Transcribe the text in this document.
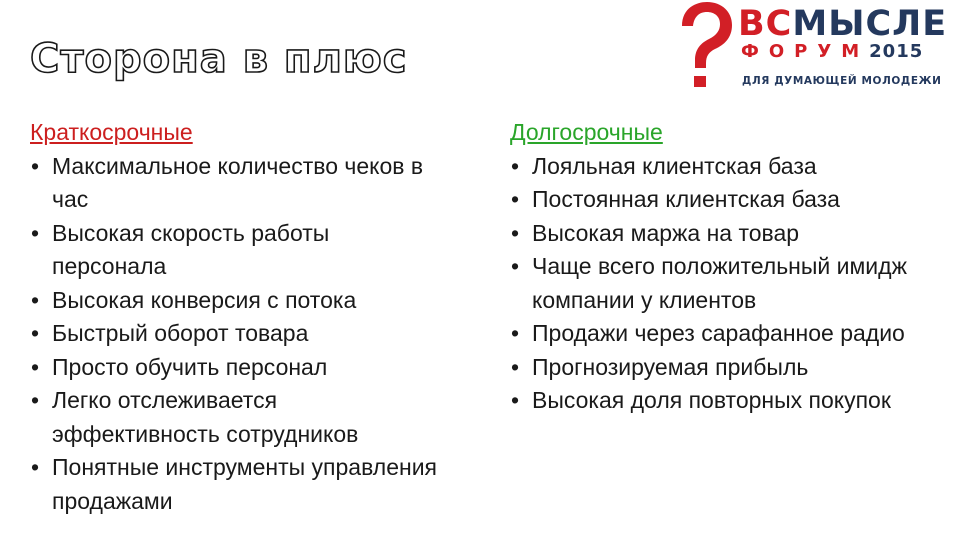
Сторона в плюс
ВСМЫСЛЕ
ФОРУМ2015
ДЛЯ ДУМАЮЩЕЙ МОЛОДЕЖИ
Краткосрочные
• Максимальное количество чеков в час
• Высокая скорость работы персонала
• Высокая конверсия с потока
• Быстрый оборот товара
• Просто обучить персонал
• Легко отслеживается эффективность сотрудников
• Понятные инструменты управления продажами
Долгосрочные
• Лояльная клиентская база
• Постоянная клиентская база
• Высокая маржа на товар
• Чаще всего положительный имидж компании у клиентов
• Продажи через сарафанное радио
• Прогнозируемая прибыль
• Высокая доля повторных покупок
